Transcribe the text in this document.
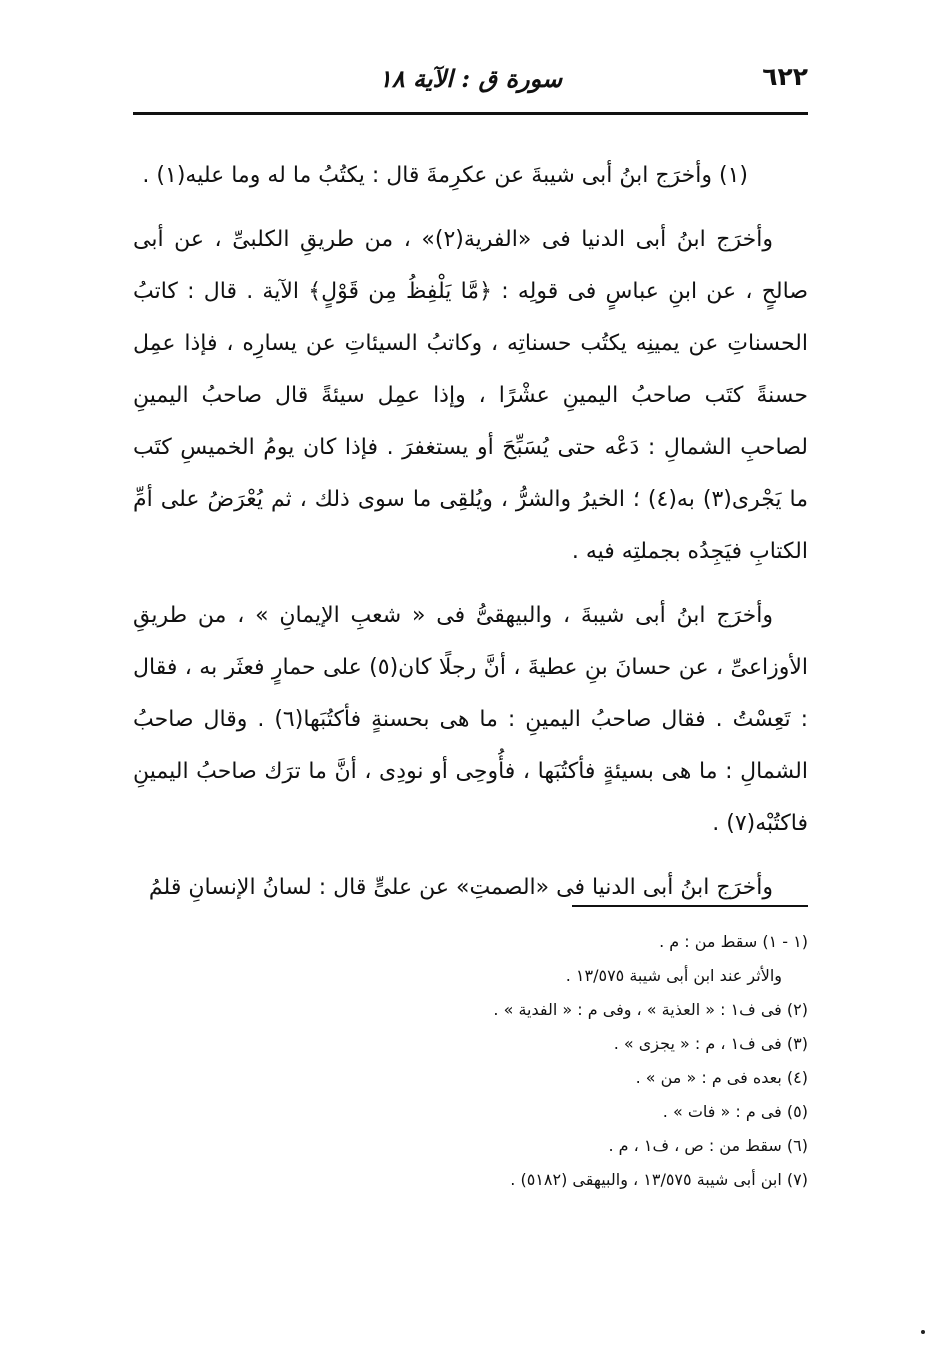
٦٢٢
سورة ق : الآية ١٨

(١) وأخرَج ابنُ أبى شيبةَ عن عكرِمةَ قال : يكتُبُ ما له وما عليه(١) .

وأخرَج ابنُ أبى الدنيا فى «الفرية(٢)» ، من طريقِ الكلبىِّ ، عن أبى صالحٍ ، عن ابنِ عباسٍ فى قولِه : ﴿مَّا يَلْفِظُ مِن قَوْلٍ﴾ الآية . قال : كاتبُ الحسناتِ عن يمينِه يكتُب حسناتِه ، وكاتبُ السيئاتِ عن يسارِه ، فإذا عمِل حسنةً كتَب صاحبُ اليمينِ عشْرًا ، وإذا عمِل سيئةً قال صاحبُ اليمينِ لصاحبِ الشمالِ : دَعْه حتى يُسَبِّحَ أو يستغفرَ . فإذا كان يومُ الخميسِ كتَب ما يَجْرى(٣) به(٤) ؛ الخيرُ والشرُّ ، ويُلقِى ما سوى ذلك ، ثم يُعْرَضُ على أمِّ الكتابِ فيَجِدُه بجملتِه فيه .

وأخرَج ابنُ أبى شيبةَ ، والبيهقىُّ فى « شعبِ الإيمانِ » ، من طريقِ الأوزاعىِّ ، عن حسانَ بنِ عطيةَ ، أنَّ رجلًا كان(٥) على حمارٍ فعثَر به ، فقال : تَعِسْتُ . فقال صاحبُ اليمينِ : ما هى بحسنةٍ فأكتُبَها(٦) . وقال صاحبُ الشمالِ : ما هى بسيئةٍ فأكتُبَها ، فأُوحِى أو نودِى ، أنَّ ما ترَك صاحبُ اليمينِ فاكتُبْه(٧) .

وأخرَج ابنُ أبى الدنيا فى «الصمتِ» عن علىٍّ قال : لسانُ الإنسانِ قلمُ

(١ - ١) سقط من : م .

والأثر عند ابن أبى شيبة ١٣/٥٧٥ .

(٢) فى ف١ : « العذية » ، وفى م : « الفدية » .

(٣) فى ف١ ، م : « يجزى » .

(٤) بعده فى م : « من » .

(٥) فى م : « فات » .

(٦) سقط من : ص ، ف١ ، م .

(٧) ابن أبى شيبة ١٣/٥٧٥ ، والبيهقى (٥١٨٢) .
